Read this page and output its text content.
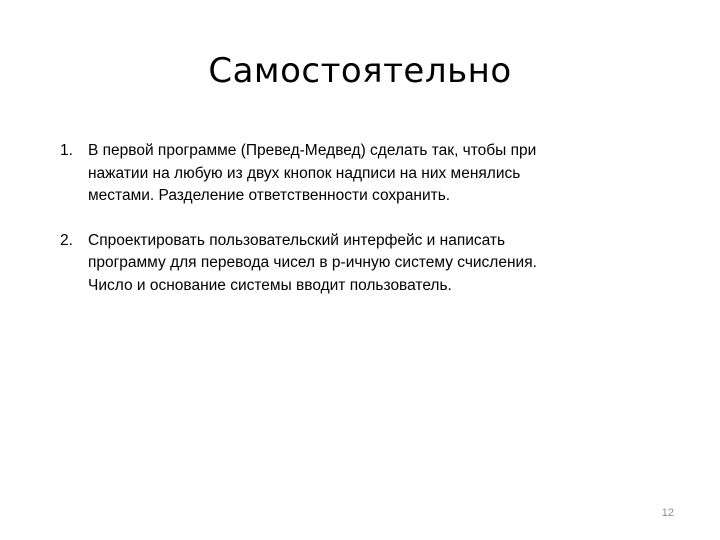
Самостоятельно
1. В первой программе (Превед-Медвед) сделать так, чтобы при
нажатии на любую из двух кнопок надписи на них менялись
местами. Разделение ответственности сохранить.
2. Спроектировать пользовательский интерфейс и написать
программу для перевода чисел в p-ичную систему счисления.
Число и основание системы вводит пользователь.
12
